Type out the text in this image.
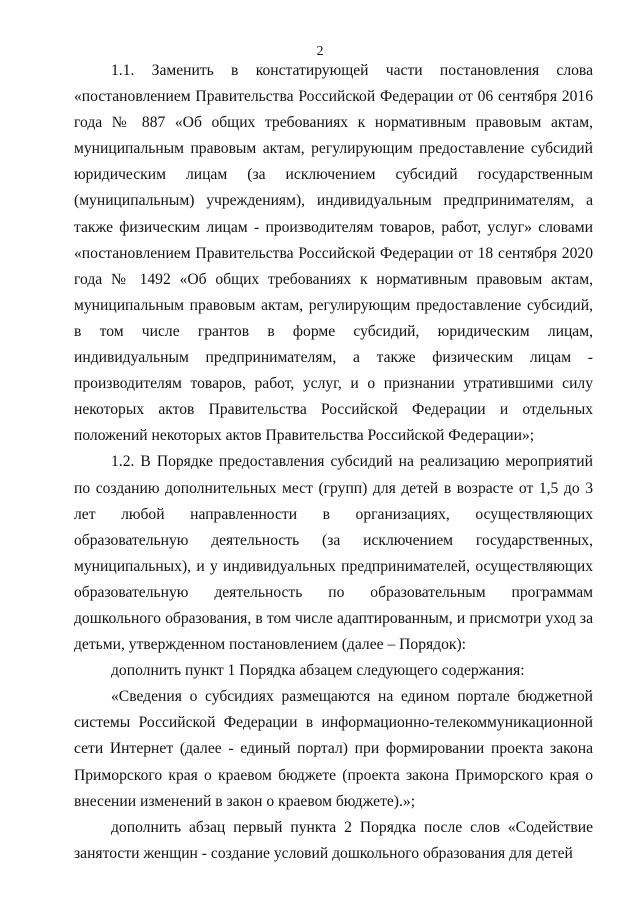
2

1.1. Заменить в констатирующей части постановления слова «постановлением Правительства Российской Федерации от 06 сентября 2016 года № 887 «Об общих требованиях к нормативным правовым актам, муниципальным правовым актам, регулирующим предоставление субсидий юридическим лицам (за исключением субсидий государственным (муниципальным) учреждениям), индивидуальным предпринимателям, а также физическим лицам - производителям товаров, работ, услуг» словами «постановлением Правительства Российской Федерации от 18 сентября 2020 года № 1492 «Об общих требованиях к нормативным правовым актам, муниципальным правовым актам, регулирующим предоставление субсидий, в том числе грантов в форме субсидий, юридическим лицам, индивидуальным предпринимателям, а также физическим лицам - производителям товаров, работ, услуг, и о признании утратившими силу некоторых актов Правительства Российской Федерации и отдельных положений некоторых актов Правительства Российской Федерации»;

1.2. В Порядке предоставления субсидий на реализацию мероприятий по созданию дополнительных мест (групп) для детей в возрасте от 1,5 до 3 лет любой направленности в организациях, осуществляющих образовательную деятельность (за исключением государственных, муниципальных), и у индивидуальных предпринимателей, осуществляющих образовательную деятельность по образовательным программам дошкольного образования, в том числе адаптированным, и присмотри уход за детьми, утвержденном постановлением (далее – Порядок):

дополнить пункт 1 Порядка абзацем следующего содержания:

«Сведения о субсидиях размещаются на едином портале бюджетной системы Российской Федерации в информационно-телекоммуникационной сети Интернет (далее - единый портал) при формировании проекта закона Приморского края о краевом бюджете (проекта закона Приморского края о внесении изменений в закон о краевом бюджете).»;

дополнить абзац первый пункта 2 Порядка после слов «Содействие занятости женщин - создание условий дошкольного образования для детей
